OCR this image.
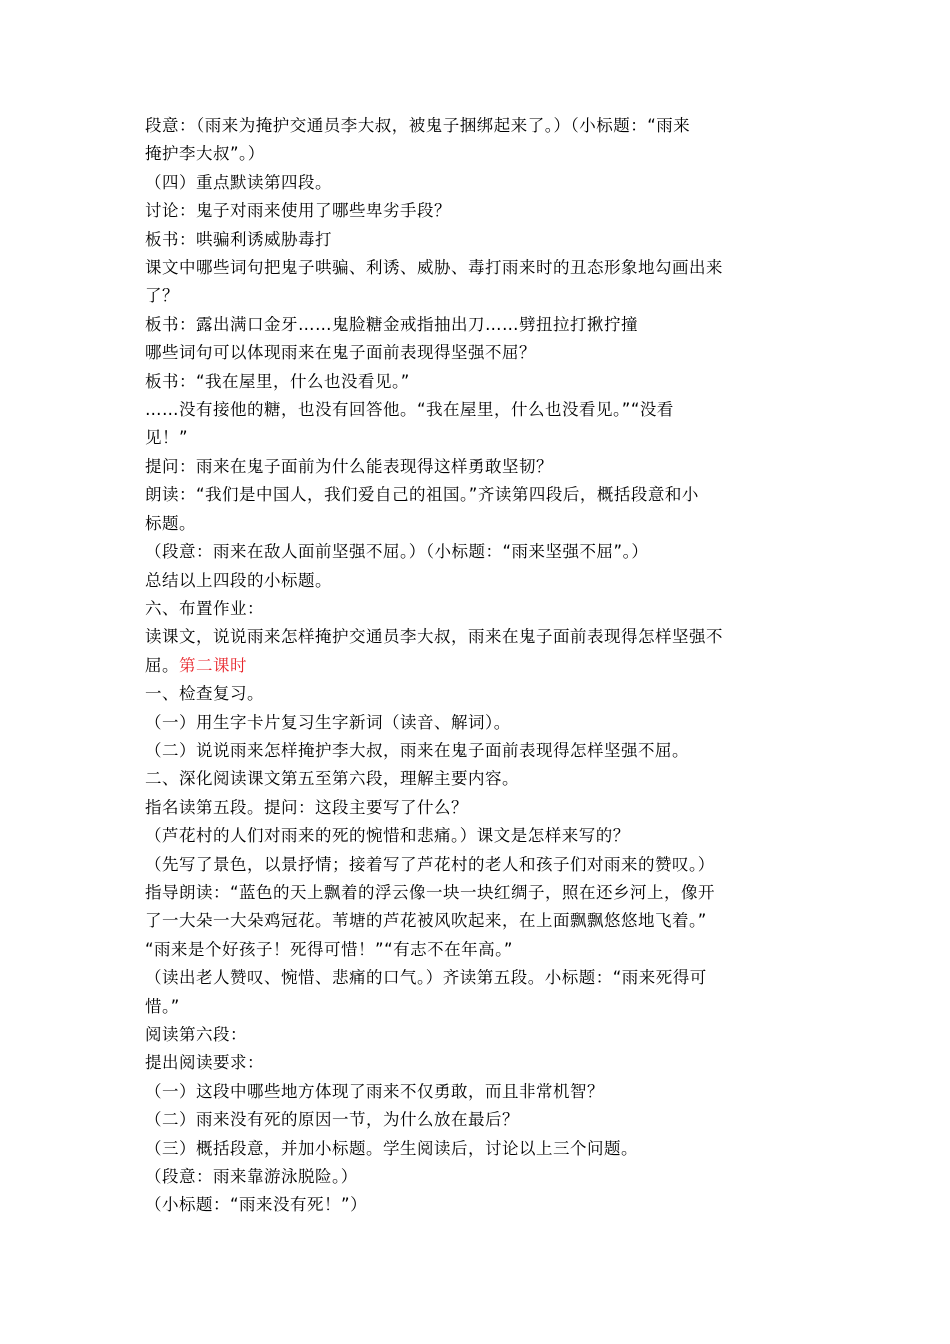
段意：（雨来为掩护交通员李大叔，被鬼子捆绑起来了。）（小标题：“雨来
掩护李大叔”。）
（四）重点默读第四段。
讨论：鬼子对雨来使用了哪些卑劣手段？
板书：哄骗利诱威胁毒打
课文中哪些词句把鬼子哄骗、利诱、威胁、毒打雨来时的丑态形象地勾画出来
了？
板书：露出满口金牙……鬼脸糖金戒指抽出刀……劈扭拉打揪拧撞
哪些词句可以体现雨来在鬼子面前表现得坚强不屈？
板书：“我在屋里，什么也没看见。”
……没有接他的糖，也没有回答他。“我在屋里，什么也没看见。”“没看
见！”
提问：雨来在鬼子面前为什么能表现得这样勇敢坚韧？
朗读：“我们是中国人，我们爱自己的祖国。”齐读第四段后，概括段意和小
标题。
（段意：雨来在敌人面前坚强不屈。）（小标题：“雨来坚强不屈”。）
总结以上四段的小标题。
六、布置作业：
读课文，说说雨来怎样掩护交通员李大叔，雨来在鬼子面前表现得怎样坚强不
屈。第二课时
一、检查复习。
（一）用生字卡片复习生字新词（读音、解词）。
（二）说说雨来怎样掩护李大叔，雨来在鬼子面前表现得怎样坚强不屈。
二、深化阅读课文第五至第六段，理解主要内容。
指名读第五段。提问：这段主要写了什么？
（芦花村的人们对雨来的死的惋惜和悲痛。）课文是怎样来写的？
（先写了景色，以景抒情；接着写了芦花村的老人和孩子们对雨来的赞叹。）
指导朗读：“蓝色的天上飘着的浮云像一块一块红绸子，照在还乡河上，像开
了一大朵一大朵鸡冠花。苇塘的芦花被风吹起来，在上面飘飘悠悠地飞着。”
“雨来是个好孩子！死得可惜！”“有志不在年高。”
（读出老人赞叹、惋惜、悲痛的口气。）齐读第五段。小标题：“雨来死得可
惜。”
阅读第六段：
提出阅读要求：
（一）这段中哪些地方体现了雨来不仅勇敢，而且非常机智？
（二）雨来没有死的原因一节，为什么放在最后？
（三）概括段意，并加小标题。学生阅读后，讨论以上三个问题。
（段意：雨来靠游泳脱险。）
（小标题：“雨来没有死！”）
